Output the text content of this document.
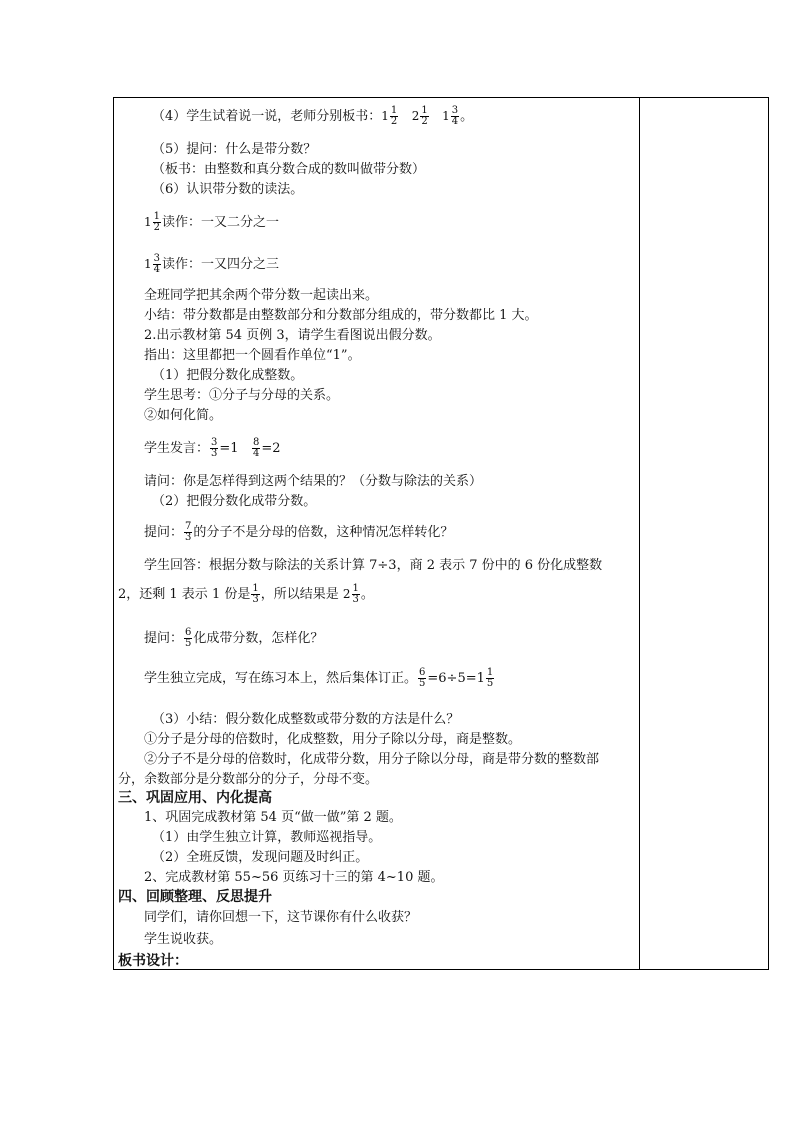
（4）学生试着说一说，老师分别板书：$1 \frac{1}{2} 2 \frac{1}{2} 1 \frac{3}{4}$ 。
（5）提问：什么是带分数？
（板书：由整数和真分数合成的数叫做带分数）
（6）认识带分数的读法。
$1 \frac{1}{2}$ 读作：一又二分之一
$1 \frac{3}{4}$ 读作：一又四分之三
全班同学把其余两个带分数一起读出来。
小结：带分数都是由整数部分和分数部分组成的，带分数都比 1 大。
2.出示教材第 54 页例 3，请学生看图说出假分数。
指出：这里都把一个圆看作单位“1”。
（1）把假分数化成整数。
学生思考：①分子与分母的关系。
②如何化简。
学生发言： $\frac{3}{3} =1 \frac{8}{4} =2$
请问：你是怎样得到这两个结果的？（分数与除法的关系）
（2）把假分数化成带分数。
提问： $\frac{7}{3}$ 的分子不是分母的倍数，这种情况怎样转化？
学生回答：根据分数与除法的关系计算 7÷3，商 2 表示 7 份中的 6 份化成整数
2，还剩 1 表示 1 份是 $\frac{1}{3}$ ，所以结果是 $2 \frac{1}{3}$ 。
提问： $\frac{6}{5}$ 化成带分数，怎样化？
学生独立完成，写在练习本上，然后集体订正。 $\frac{6}{5} =6\div 5=1 \frac{1}{5}$
（3）小结：假分数化成整数或带分数的方法是什么？
①分子是分母的倍数时，化成整数，用分子除以分母，商是整数。
②分子不是分母的倍数时，化成带分数，用分子除以分母，商是带分数的整数部
分，余数部分是分数部分的分子，分母不变。
三、巩固应用、内化提高
1、巩固完成教材第 54 页“做一做”第 2 题。
（1）由学生独立计算，教师巡视指导。
（2）全班反馈，发现问题及时纠正。
2、完成教材第 55~56 页练习十三的第 4~10 题。
四、回顾整理、反思提升
同学们，请你回想一下，这节课你有什么收获？
学生说收获。
板书设计：
